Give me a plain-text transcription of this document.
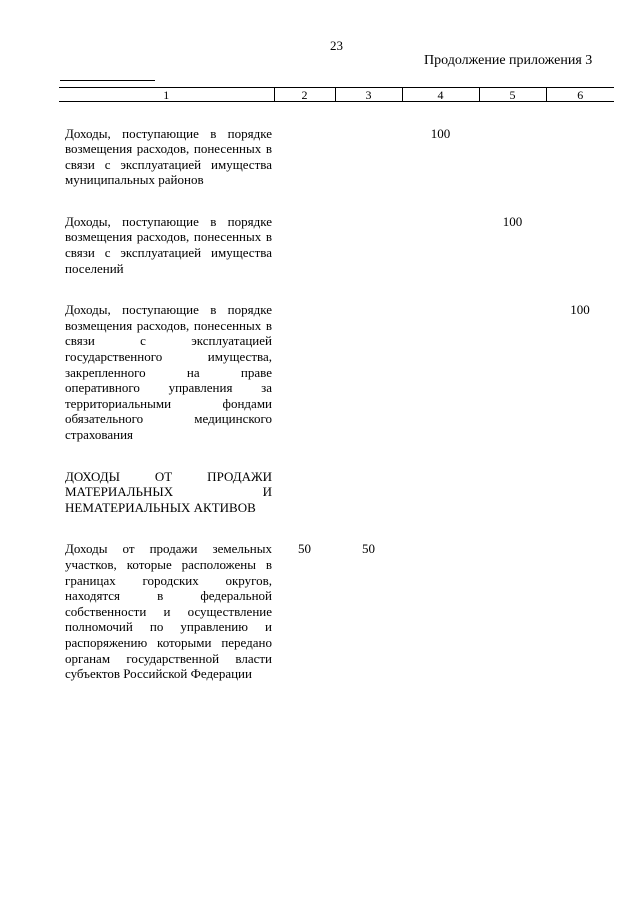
23
Продолжение приложения 3
1	2	3	4	5	6

Доходы, поступающие в порядке возмещения расходов, понесенных в связи с эксплуатацией имущества муниципальных районов			100		

Доходы, поступающие в порядке возмещения расходов, понесенных в связи с эксплуатацией имущества поселений				100	

Доходы, поступающие в порядке возмещения расходов, понесенных в связи с эксплуатацией государственного имущества, закрепленного на праве оперативного управления за территориальными фондами обязательного медицинского страхования					100

ДОХОДЫ ОТ ПРОДАЖИ МАТЕРИАЛЬНЫХ И НЕМАТЕРИАЛЬНЫХ АКТИВОВ					

Доходы от продажи земельных участков, которые расположены в границах городских округов, находятся в федеральной собственности и осуществление полномочий по управлению и распоряжению которыми передано органам государственной власти субъектов Российской Федерации	50	50			
